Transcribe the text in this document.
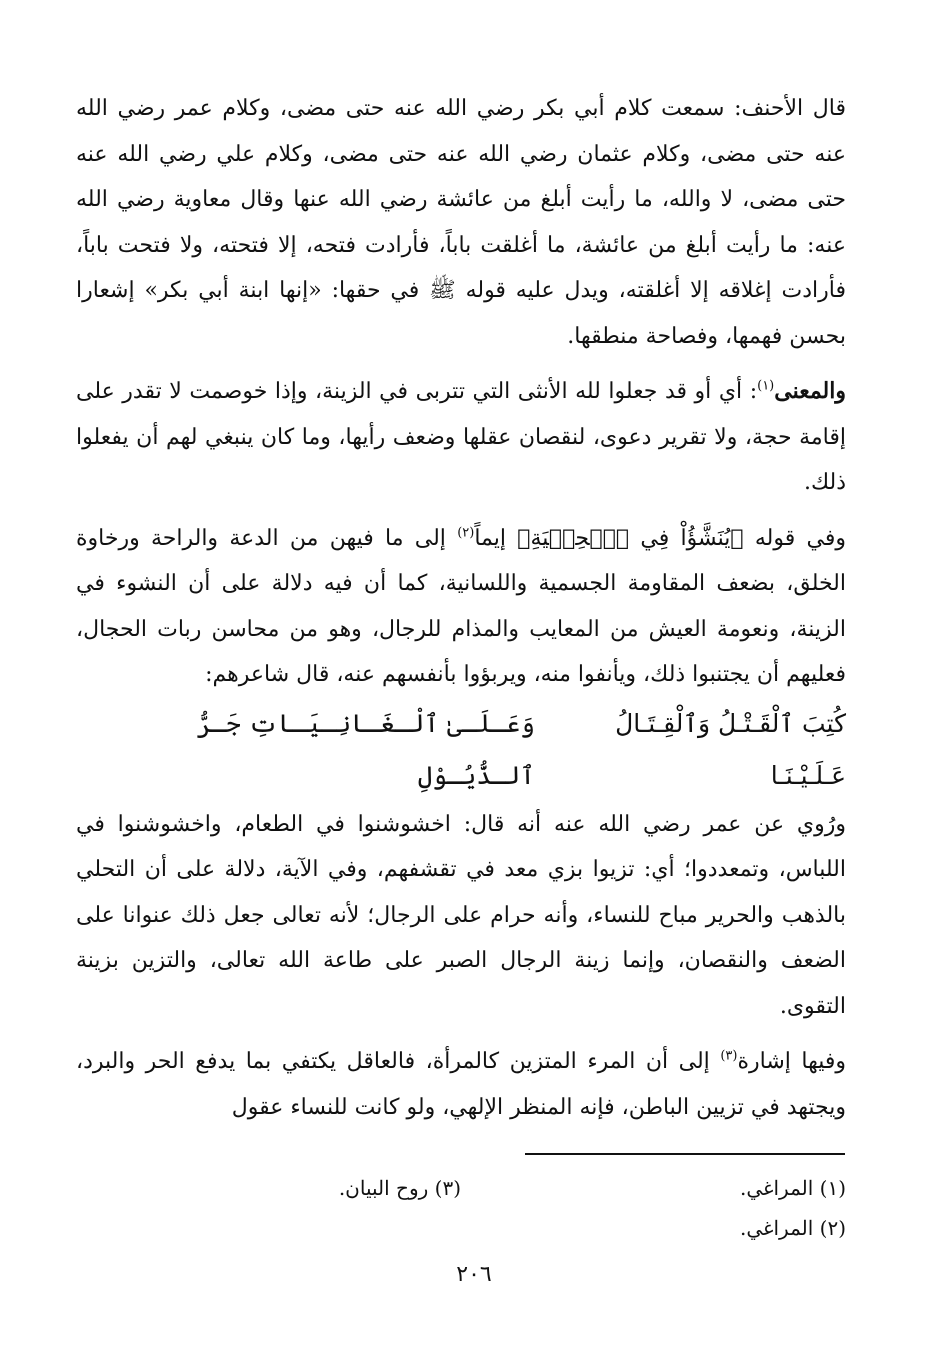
قال الأحنف: سمعت كلام أبي بكر رضي الله عنه حتى مضى، وكلام عمر رضي الله عنه حتى مضى، وكلام عثمان رضي الله عنه حتى مضى، وكلام علي رضي الله عنه حتى مضى، لا والله، ما رأيت أبلغ من عائشة رضي الله عنها وقال معاوية رضي الله عنه: ما رأيت أبلغ من عائشة، ما أغلقت باباً، فأرادت فتحه، إلا فتحته، ولا فتحت باباً، فأرادت إغلاقه إلا أغلقته، ويدل عليه قوله ﷺ في حقها: «إنها ابنة أبي بكر» إشعارا بحسن فهمها، وفصاحة منطقها.

والمعنى$^{(١)}$: أي أو قد جعلوا لله الأنثى التي تتربى في الزينة، وإذا خوصمت لا تقدر على إقامة حجة، ولا تقرير دعوى، لنقصان عقلها وضعف رأيها، وما كان ينبغي لهم أن يفعلوا ذلك.

وفي قوله ﴿يُنَشَّؤُاْ فِي ٱلۡحِلۡيَةِ﴾ إيماً$^{(٢)}$ إلى ما فيهن من الدعة والراحة ورخاوة الخلق، بضعف المقاومة الجسمية واللسانية، كما أن فيه دلالة على أن النشوء في الزينة، ونعومة العيش من المعايب والمذام للرجال، وهو من محاسن ربات الحجال، فعليهم أن يجتنبوا ذلك، ويأنفوا منه، ويربؤوا بأنفسهم عنه، قال شاعرهم:

كُتِبَ ٱلْقَـتْـلُ وَٱلْقِـتَـالُ عَـلَـيْـنَـا
وَعَـلَـىٰ ٱلْـغَـانِـيَـاتِ جَـرُّ ٱلـذُّيُـوْلِ

ورُوي عن عمر رضي الله عنه أنه قال: اخشوشنوا في الطعام، واخشوشنوا في اللباس، وتمعددوا؛ أي: تزيوا بزي معد في تقشفهم، وفي الآية، دلالة على أن التحلي بالذهب والحرير مباح للنساء، وأنه حرام على الرجال؛ لأنه تعالى جعل ذلك عنوانا على الضعف والنقصان، وإنما زينة الرجال الصبر على طاعة الله تعالى، والتزين بزينة التقوى.

وفيها إشارة$^{(٣)}$ إلى أن المرء المتزين كالمرأة، فالعاقل يكتفي بما يدفع الحر والبرد، ويجتهد في تزيين الباطن، فإنه المنظر الإلهي، ولو كانت للنساء عقول

(١) المراغي.
(٣) روح البيان.
(٢) المراغي.
٢٠٦
